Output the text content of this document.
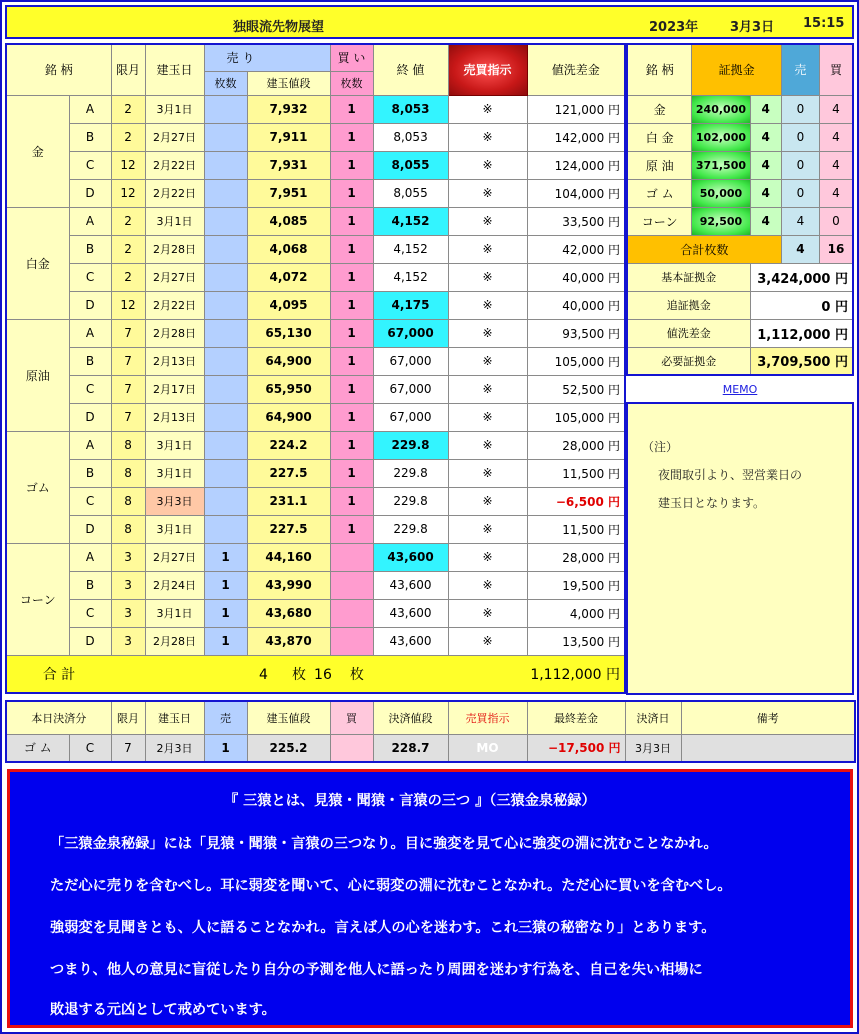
独眼流先物展望	2023年 3月3日 15:15
銘 柄		限月	建玉日	売 り		買 い	終 値	売買指示	値洗差金
				枚数	建玉値段	枚数			
金	A	2	3月1日		7,932	1	8,053	※	121,000 円
	B	2	2月27日		7,911	1	8,053	※	142,000 円
	C	12	2月22日		7,931	1	8,055	※	124,000 円
	D	12	2月22日		7,951	1	8,055	※	104,000 円
白金	A	2	3月1日		4,085	1	4,152	※	33,500 円
	B	2	2月28日		4,068	1	4,152	※	42,000 円
	C	2	2月27日		4,072	1	4,152	※	40,000 円
	D	12	2月22日		4,095	1	4,175	※	40,000 円
原油	A	7	2月28日		65,130	1	67,000	※	93,500 円
	B	7	2月13日		64,900	1	67,000	※	105,000 円
	C	7	2月17日		65,950	1	67,000	※	52,500 円
	D	7	2月13日		64,900	1	67,000	※	105,000 円
ゴム	A	8	3月1日		224.2	1	229.8	※	28,000 円
	B	8	3月1日		227.5	1	229.8	※	11,500 円
	C	8	3月3日		231.1	1	229.8	※	−6,500 円
	D	8	3月1日		227.5	1	229.8	※	11,500 円
コーン	A	3	2月27日	1	44,160		43,600	※	28,000 円
	B	3	2月24日	1	43,990		43,600	※	19,500 円
	C	3	3月1日	1	43,680		43,600	※	4,000 円
	D	3	2月28日	1	43,870		43,600	※	13,500 円
合 計					4 枚	16 枚			1,112,000 円
銘 柄	証拠金		売	買
金	240,000	4	0	4
白 金	102,000	4	0	4
原 油	371,500	4	0	4
ゴ ム	50,000	4	0	4
コーン	92,500	4	4	0
合計枚数			4	16
基本証拠金		3,424,000 円		
追証拠金		0 円		
値洗差金		1,112,000 円		
必要証拠金		3,709,500 円		
MEMO
（注）
夜間取引より、翌営業日の
建玉日となります。
本日決済分		限月	建玉日	売	建玉値段	買	決済値段	売買指示	最終差金	決済日	備考
ゴ ム	C	7	2月3日	1	225.2		228.7	MO	−17,500 円	3月3日	
『 三猿とは、見猿・聞猿・言猿の三つ 』（三猿金泉秘録）
「三猿金泉秘録」には「見猿・聞猿・言猿の三つなり。目に強変を見て心に強変の淵に沈むことなかれ。
ただ心に売りを含むべし。耳に弱変を聞いて、心に弱変の淵に沈むことなかれ。ただ心に買いを含むべし。
強弱変を見聞きとも、人に語ることなかれ。言えば人の心を迷わす。これ三猿の秘密なり」とあります。
つまり、他人の意見に盲従したり自分の予測を他人に語ったり周囲を迷わす行為を、自己を失い相場に
敗退する元凶として戒めています。
